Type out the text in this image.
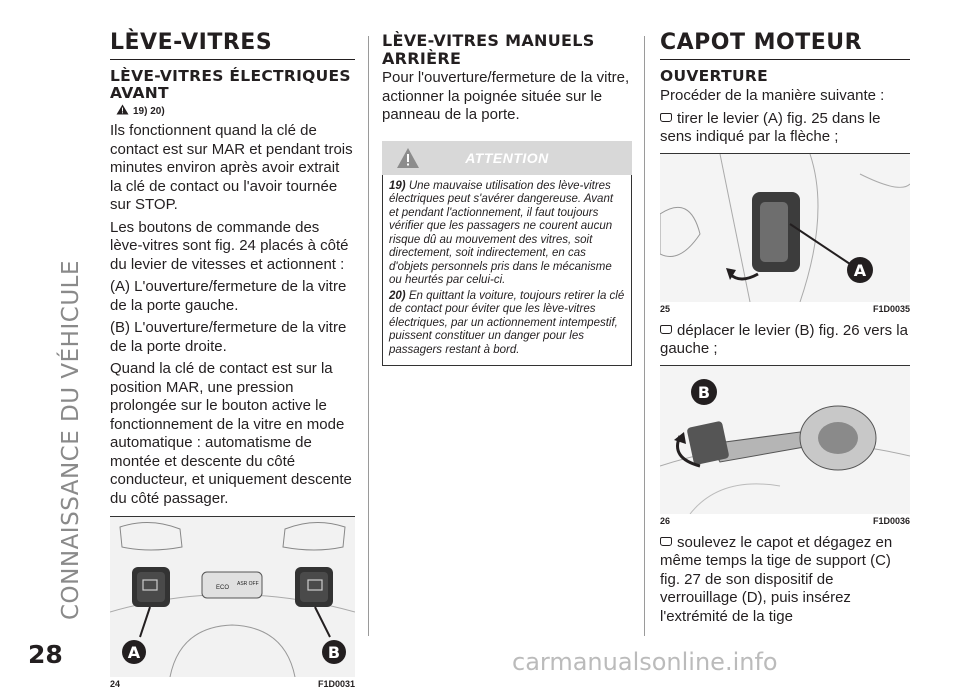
CONNAISSANCE DU VÉHICULE
28	carmanualsonline.info
LÈVE-VITRES
LÈVE-VITRES ÉLECTRIQUES AVANT
19) 20)

Ils fonctionnent quand la clé de contact est sur MAR et pendant trois minutes environ après avoir extrait la clé de contact ou l'avoir tournée sur STOP.

Les boutons de commande des lève-vitres sont fig. 24 placés à côté du levier de vitesses et actionnent :

(A) L'ouverture/fermeture de la vitre de la porte gauche.

(B) L'ouverture/fermeture de la vitre de la porte droite.

Quand la clé de contact est sur la position MAR, une pression prolongée sur le bouton active le fonctionnement de la vitre en mode automatique : automatisme de montée et descente du côté conducteur, et uniquement descente du côté passager.

ECO
ASR OFF
A	B
24	F1D0031
LÈVE-VITRES MANUELS ARRIÈRE

Pour l'ouverture/fermeture de la vitre, actionner la poignée située sur le panneau de la porte.

ATTENTION

19) Une mauvaise utilisation des lève-vitres électriques peut s'avérer dangereuse. Avant et pendant l'actionnement, il faut toujours vérifier que les passagers ne courent aucun risque dû au mouvement des vitres, soit directement, soit indirectement, en cas d'objets personnels pris dans le mécanisme ou heurtés par celui-ci.

20) En quittant la voiture, toujours retirer la clé de contact pour éviter que les lève-vitres électriques, par un actionnement intempestif, puissent constituer un danger pour les passagers restant à bord.

CAPOT MOTEUR
OUVERTURE

Procéder de la manière suivante :

tirer le levier (A) fig. 25 dans le sens indiqué par la flèche ;

A
25	F1D0035

déplacer le levier (B) fig. 26 vers la gauche ;

B
26	F1D0036

soulevez le capot et dégagez en même temps la tige de support (C) fig. 27 de son dispositif de verrouillage (D), puis insérez l'extrémité de la tige
